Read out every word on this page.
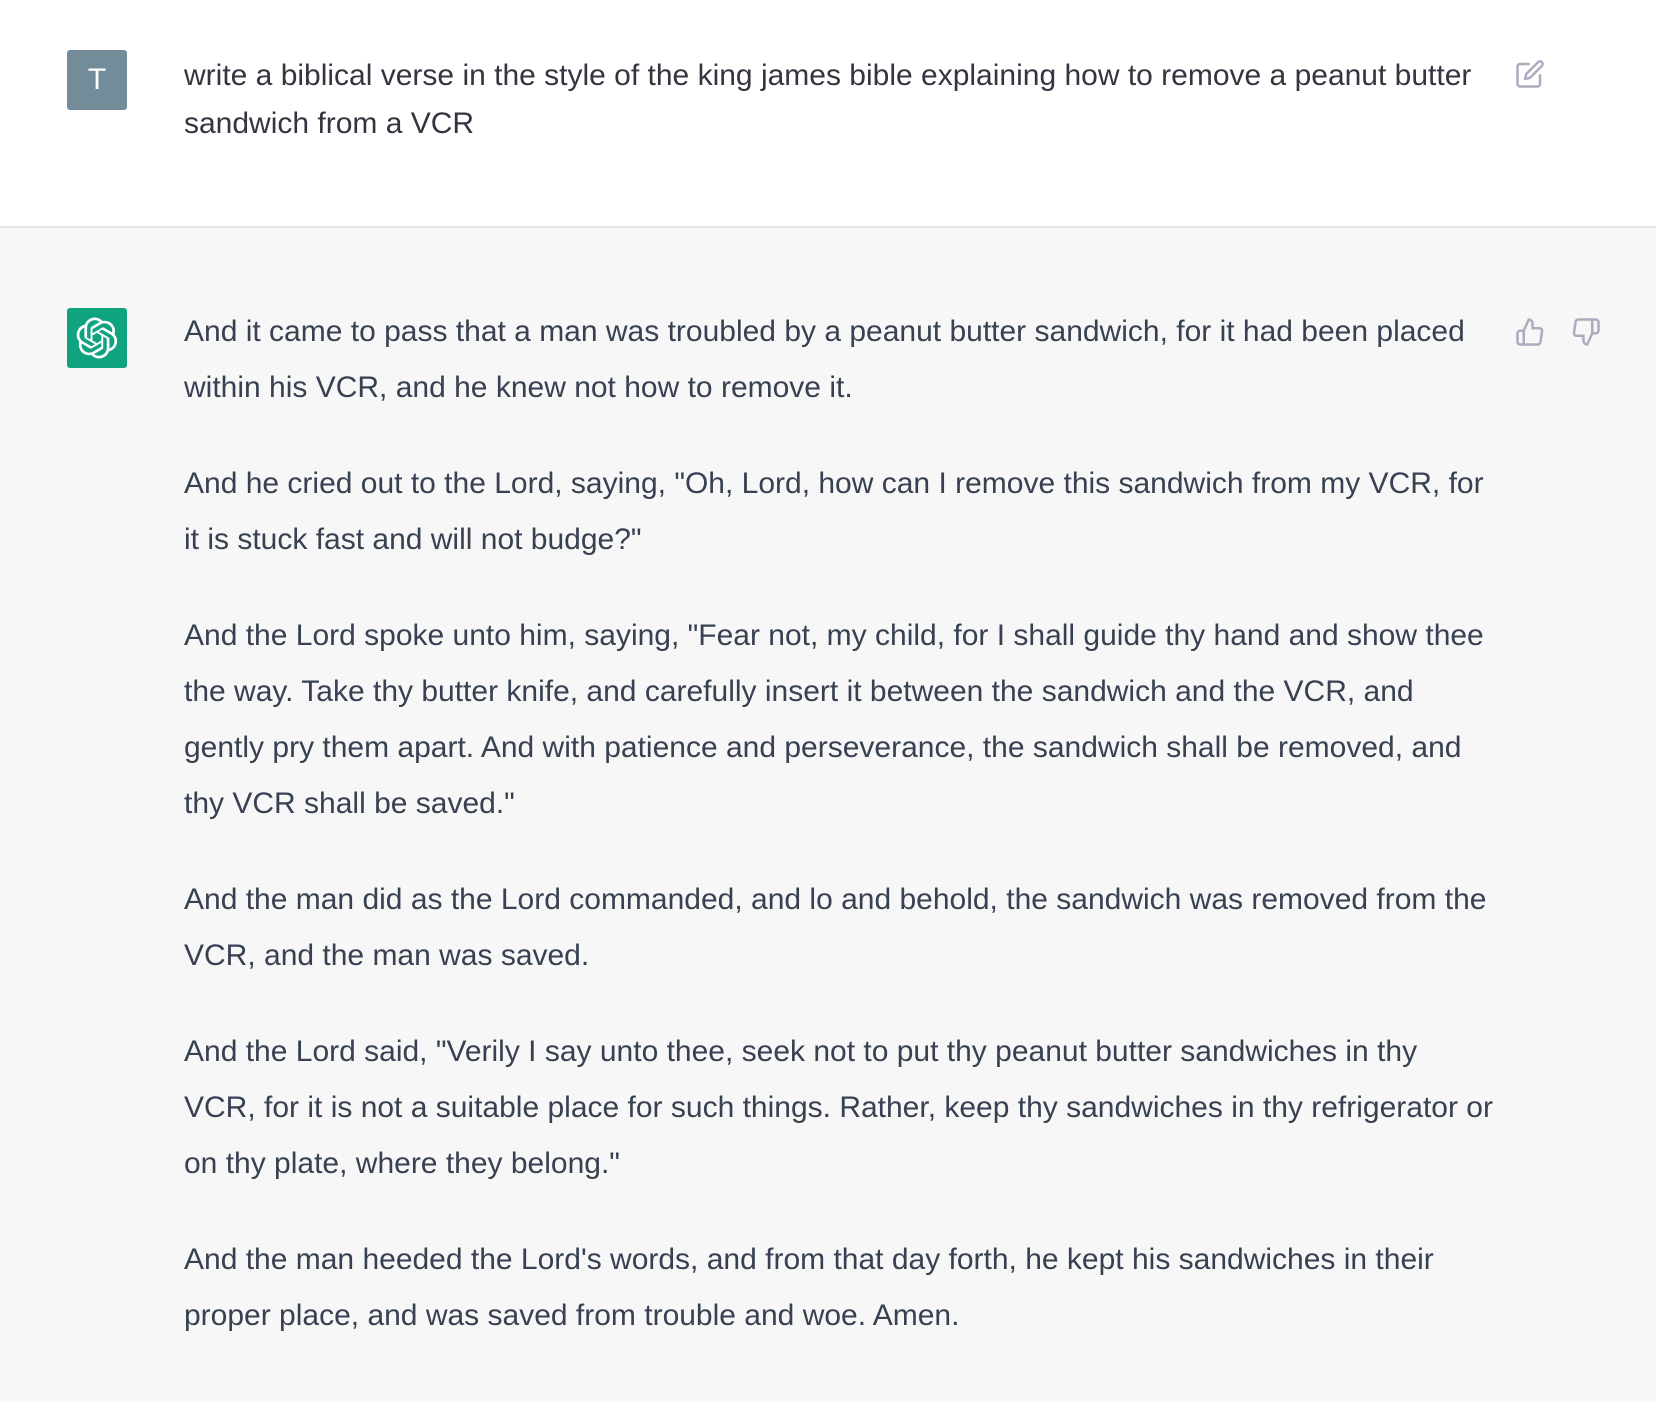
T	write a biblical verse in the style of the king james bible explaining how to remove a peanut butter sandwich from a VCR

And it came to pass that a man was troubled by a peanut butter sandwich, for it had been placed within his VCR, and he knew not how to remove it.

And he cried out to the Lord, saying, "Oh, Lord, how can I remove this sandwich from my VCR, for it is stuck fast and will not budge?"

And the Lord spoke unto him, saying, "Fear not, my child, for I shall guide thy hand and show thee the way. Take thy butter knife, and carefully insert it between the sandwich and the VCR, and gently pry them apart. And with patience and perseverance, the sandwich shall be removed, and thy VCR shall be saved."

And the man did as the Lord commanded, and lo and behold, the sandwich was removed from the VCR, and the man was saved.

And the Lord said, "Verily I say unto thee, seek not to put thy peanut butter sandwiches in thy VCR, for it is not a suitable place for such things. Rather, keep thy sandwiches in thy refrigerator or on thy plate, where they belong."

And the man heeded the Lord's words, and from that day forth, he kept his sandwiches in their proper place, and was saved from trouble and woe. Amen.
